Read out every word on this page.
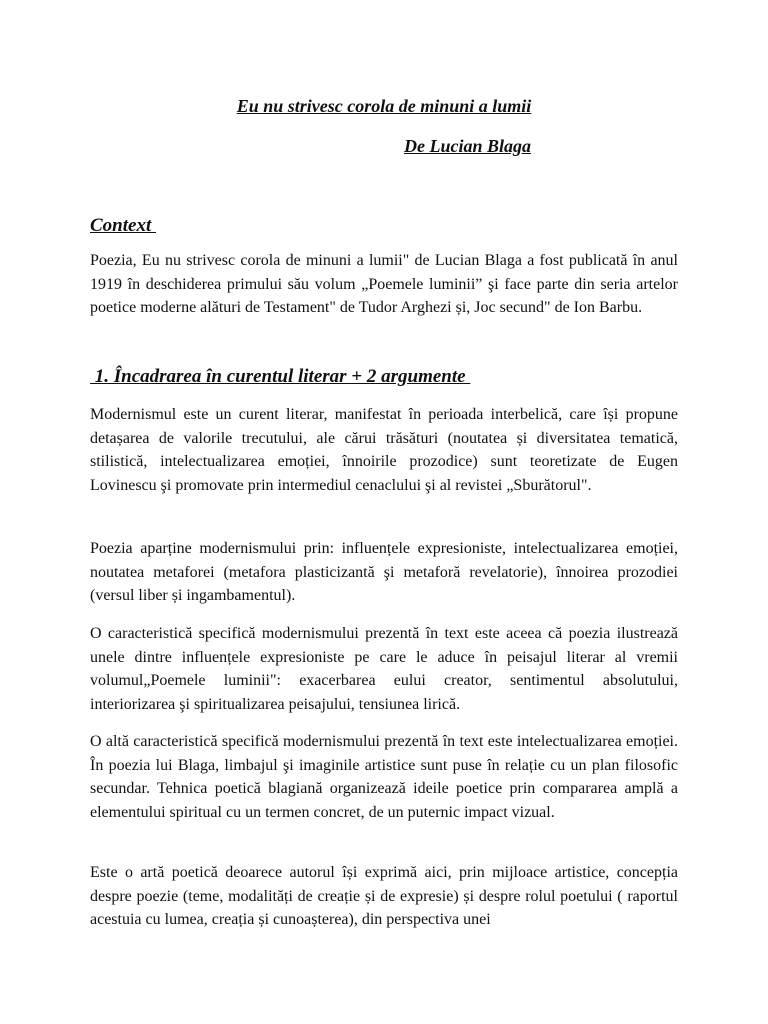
Eu nu strivesc corola de minuni a lumii
De Lucian Blaga
Context

Poezia, Eu nu strivesc corola de minuni a lumii" de Lucian Blaga a fost publicată în anul 1919 în deschiderea primului său volum „Poemele luminii” şi face parte din seria artelor poetice moderne alături de Testament" de Tudor Arghezi și, Joc secund" de Ion Barbu.

1. Încadrarea în curentul literar + 2 argumente

Modernismul este un curent literar, manifestat în perioada interbelică, care își propune detașarea de valorile trecutului, ale cărui trăsături (noutatea și diversitatea tematică, stilistică, intelectualizarea emoției, înnoirile prozodice) sunt teoretizate de Eugen Lovinescu şi promovate prin intermediul cenaclului şi al revistei „Sburătorul".

Poezia aparține modernismului prin: influențele expresioniste, intelectualizarea emoției, noutatea metaforei (metafora plasticizantă şi metaforă revelatorie), înnoirea prozodiei (versul liber și ingambamentul).

O caracteristică specifică modernismului prezentă în text este aceea că poezia ilustrează unele dintre influențele expresioniste pe care le aduce în peisajul literar al vremii volumul„Poemele luminii": exacerbarea eului creator, sentimentul absolutului, interiorizarea şi spiritualizarea peisajului, tensiunea lirică.

O altă caracteristică specifică modernismului prezentă în text este intelectualizarea emoției. În poezia lui Blaga, limbajul şi imaginile artistice sunt puse în relație cu un plan filosofic secundar. Tehnica poetică blagiană organizează ideile poetice prin compararea amplă a elementului spiritual cu un termen concret, de un puternic impact vizual.

Este o artă poetică deoarece autorul își exprimă aici, prin mijloace artistice, concepția despre poezie (teme, modalități de creație și de expresie) și despre rolul poetului ( raportul acestuia cu lumea, creația și cunoașterea), din perspectiva unei
